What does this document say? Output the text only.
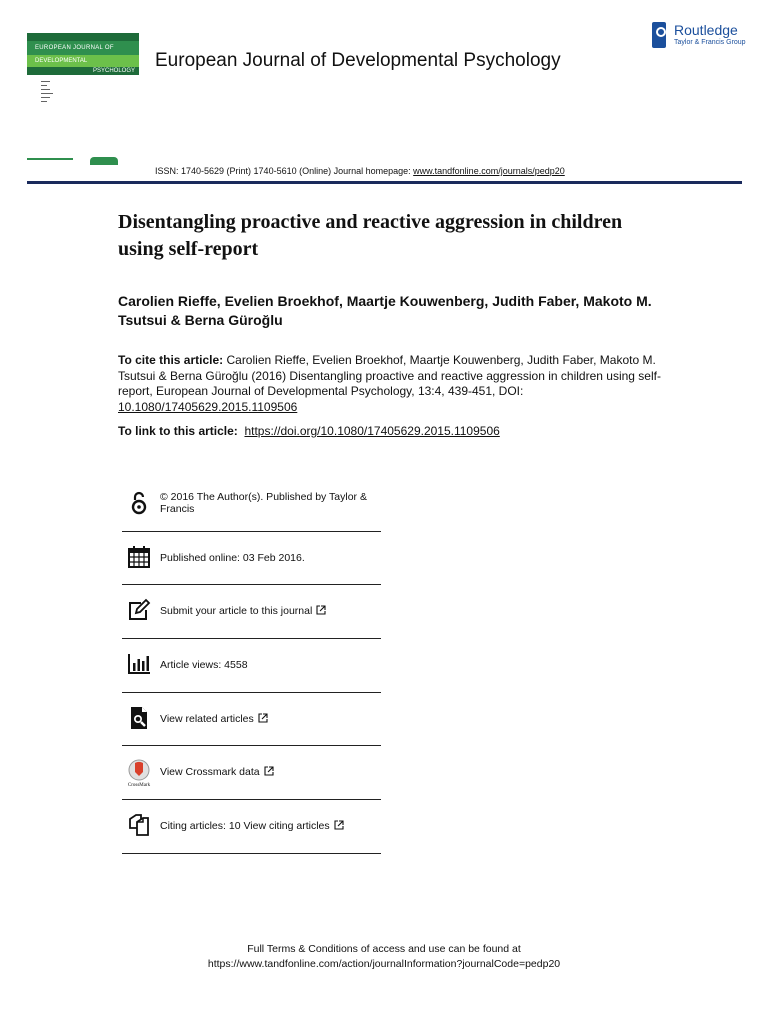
EUROPEAN JOURNAL OF
DEVELOPMENTAL
PSYCHOLOGY
▬▬▬
▬▬
▬▬▬
▬▬▬▬
▬▬▬
▬▬
European Journal of Developmental Psychology
Routledge
Taylor & Francis Group
ISSN: 1740-5629 (Print) 1740-5610 (Online) Journal homepage: www.tandfonline.com/journals/pedp20
Disentangling proactive and reactive aggression in children using self-report
Carolien Rieffe, Evelien Broekhof, Maartje Kouwenberg, Judith Faber, Makoto M. Tsutsui & Berna Güroğlu
To cite this article: Carolien Rieffe, Evelien Broekhof, Maartje Kouwenberg, Judith Faber, Makoto M. Tsutsui & Berna Güroğlu (2016) Disentangling proactive and reactive aggression in children using self-report, European Journal of Developmental Psychology, 13:4, 439-451, DOI: 10.1080/17405629.2015.1109506
To link to this article: https://doi.org/10.1080/17405629.2015.1109506
© 2016 The Author(s). Published by Taylor & Francis
Published online: 03 Feb 2016.
Submit your article to this journal
Article views: 4558
View related articles
CrossMark
View Crossmark data
Citing articles: 10 View citing articles
Full Terms & Conditions of access and use can be found at
https://www.tandfonline.com/action/journalInformation?journalCode=pedp20
